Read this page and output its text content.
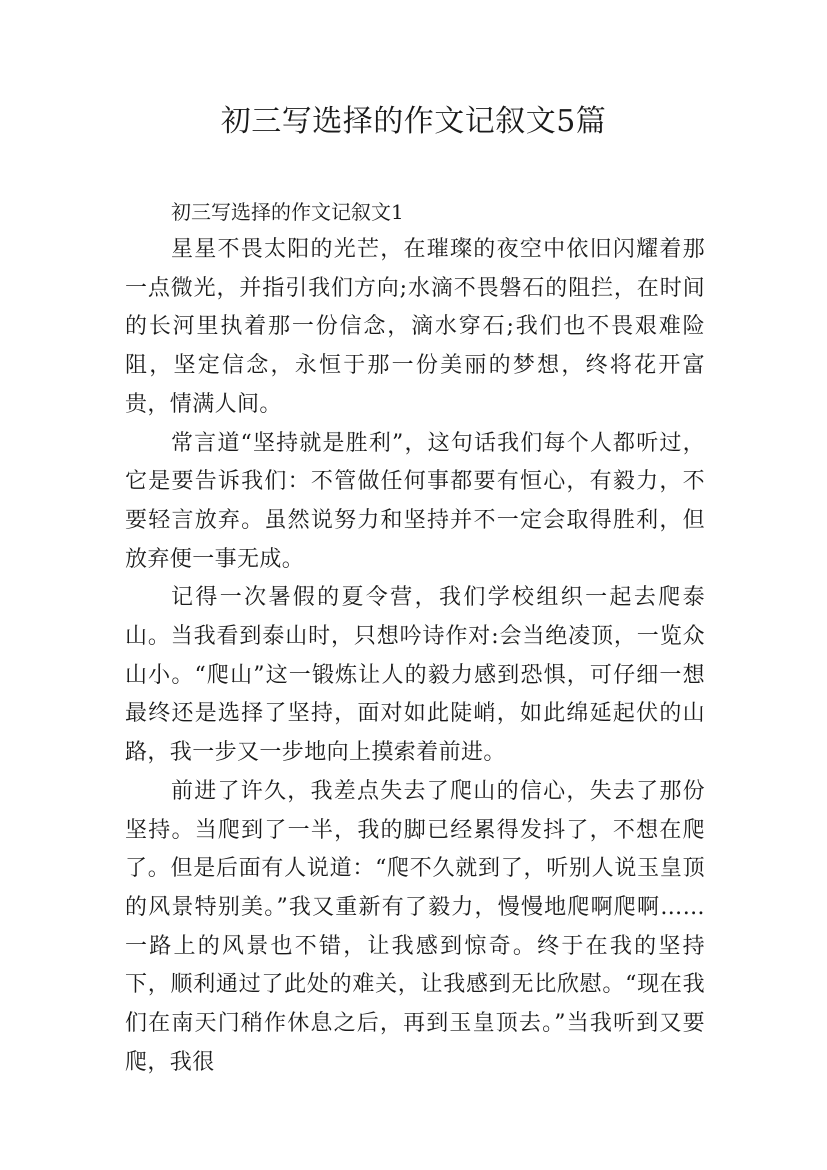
初三写选择的作文记叙文5篇

初三写选择的作文记叙文1

星星不畏太阳的光芒，在璀璨的夜空中依旧闪耀着那一点微光，并指引我们方向;水滴不畏磐石的阻拦，在时间的长河里执着那一份信念，滴水穿石;我们也不畏艰难险阻，坚定信念，永恒于那一份美丽的梦想，终将花开富贵，情满人间。

常言道“坚持就是胜利”，这句话我们每个人都听过，它是要告诉我们：不管做任何事都要有恒心，有毅力，不要轻言放弃。虽然说努力和坚持并不一定会取得胜利，但放弃便一事无成。

记得一次暑假的夏令营，我们学校组织一起去爬泰山。当我看到泰山时，只想吟诗作对:会当绝凌顶，一览众山小。“爬山”这一锻炼让人的毅力感到恐惧，可仔细一想最终还是选择了坚持，面对如此陡峭，如此绵延起伏的山路，我一步又一步地向上摸索着前进。

前进了许久，我差点失去了爬山的信心，失去了那份坚持。当爬到了一半，我的脚已经累得发抖了，不想在爬了。但是后面有人说道：“爬不久就到了，听别人说玉皇顶的风景特别美。”我又重新有了毅力，慢慢地爬啊爬啊……一路上的风景也不错，让我感到惊奇。终于在我的坚持下，顺利通过了此处的难关，让我感到无比欣慰。“现在我们在南天门稍作休息之后，再到玉皇顶去。”当我听到又要爬，我很
